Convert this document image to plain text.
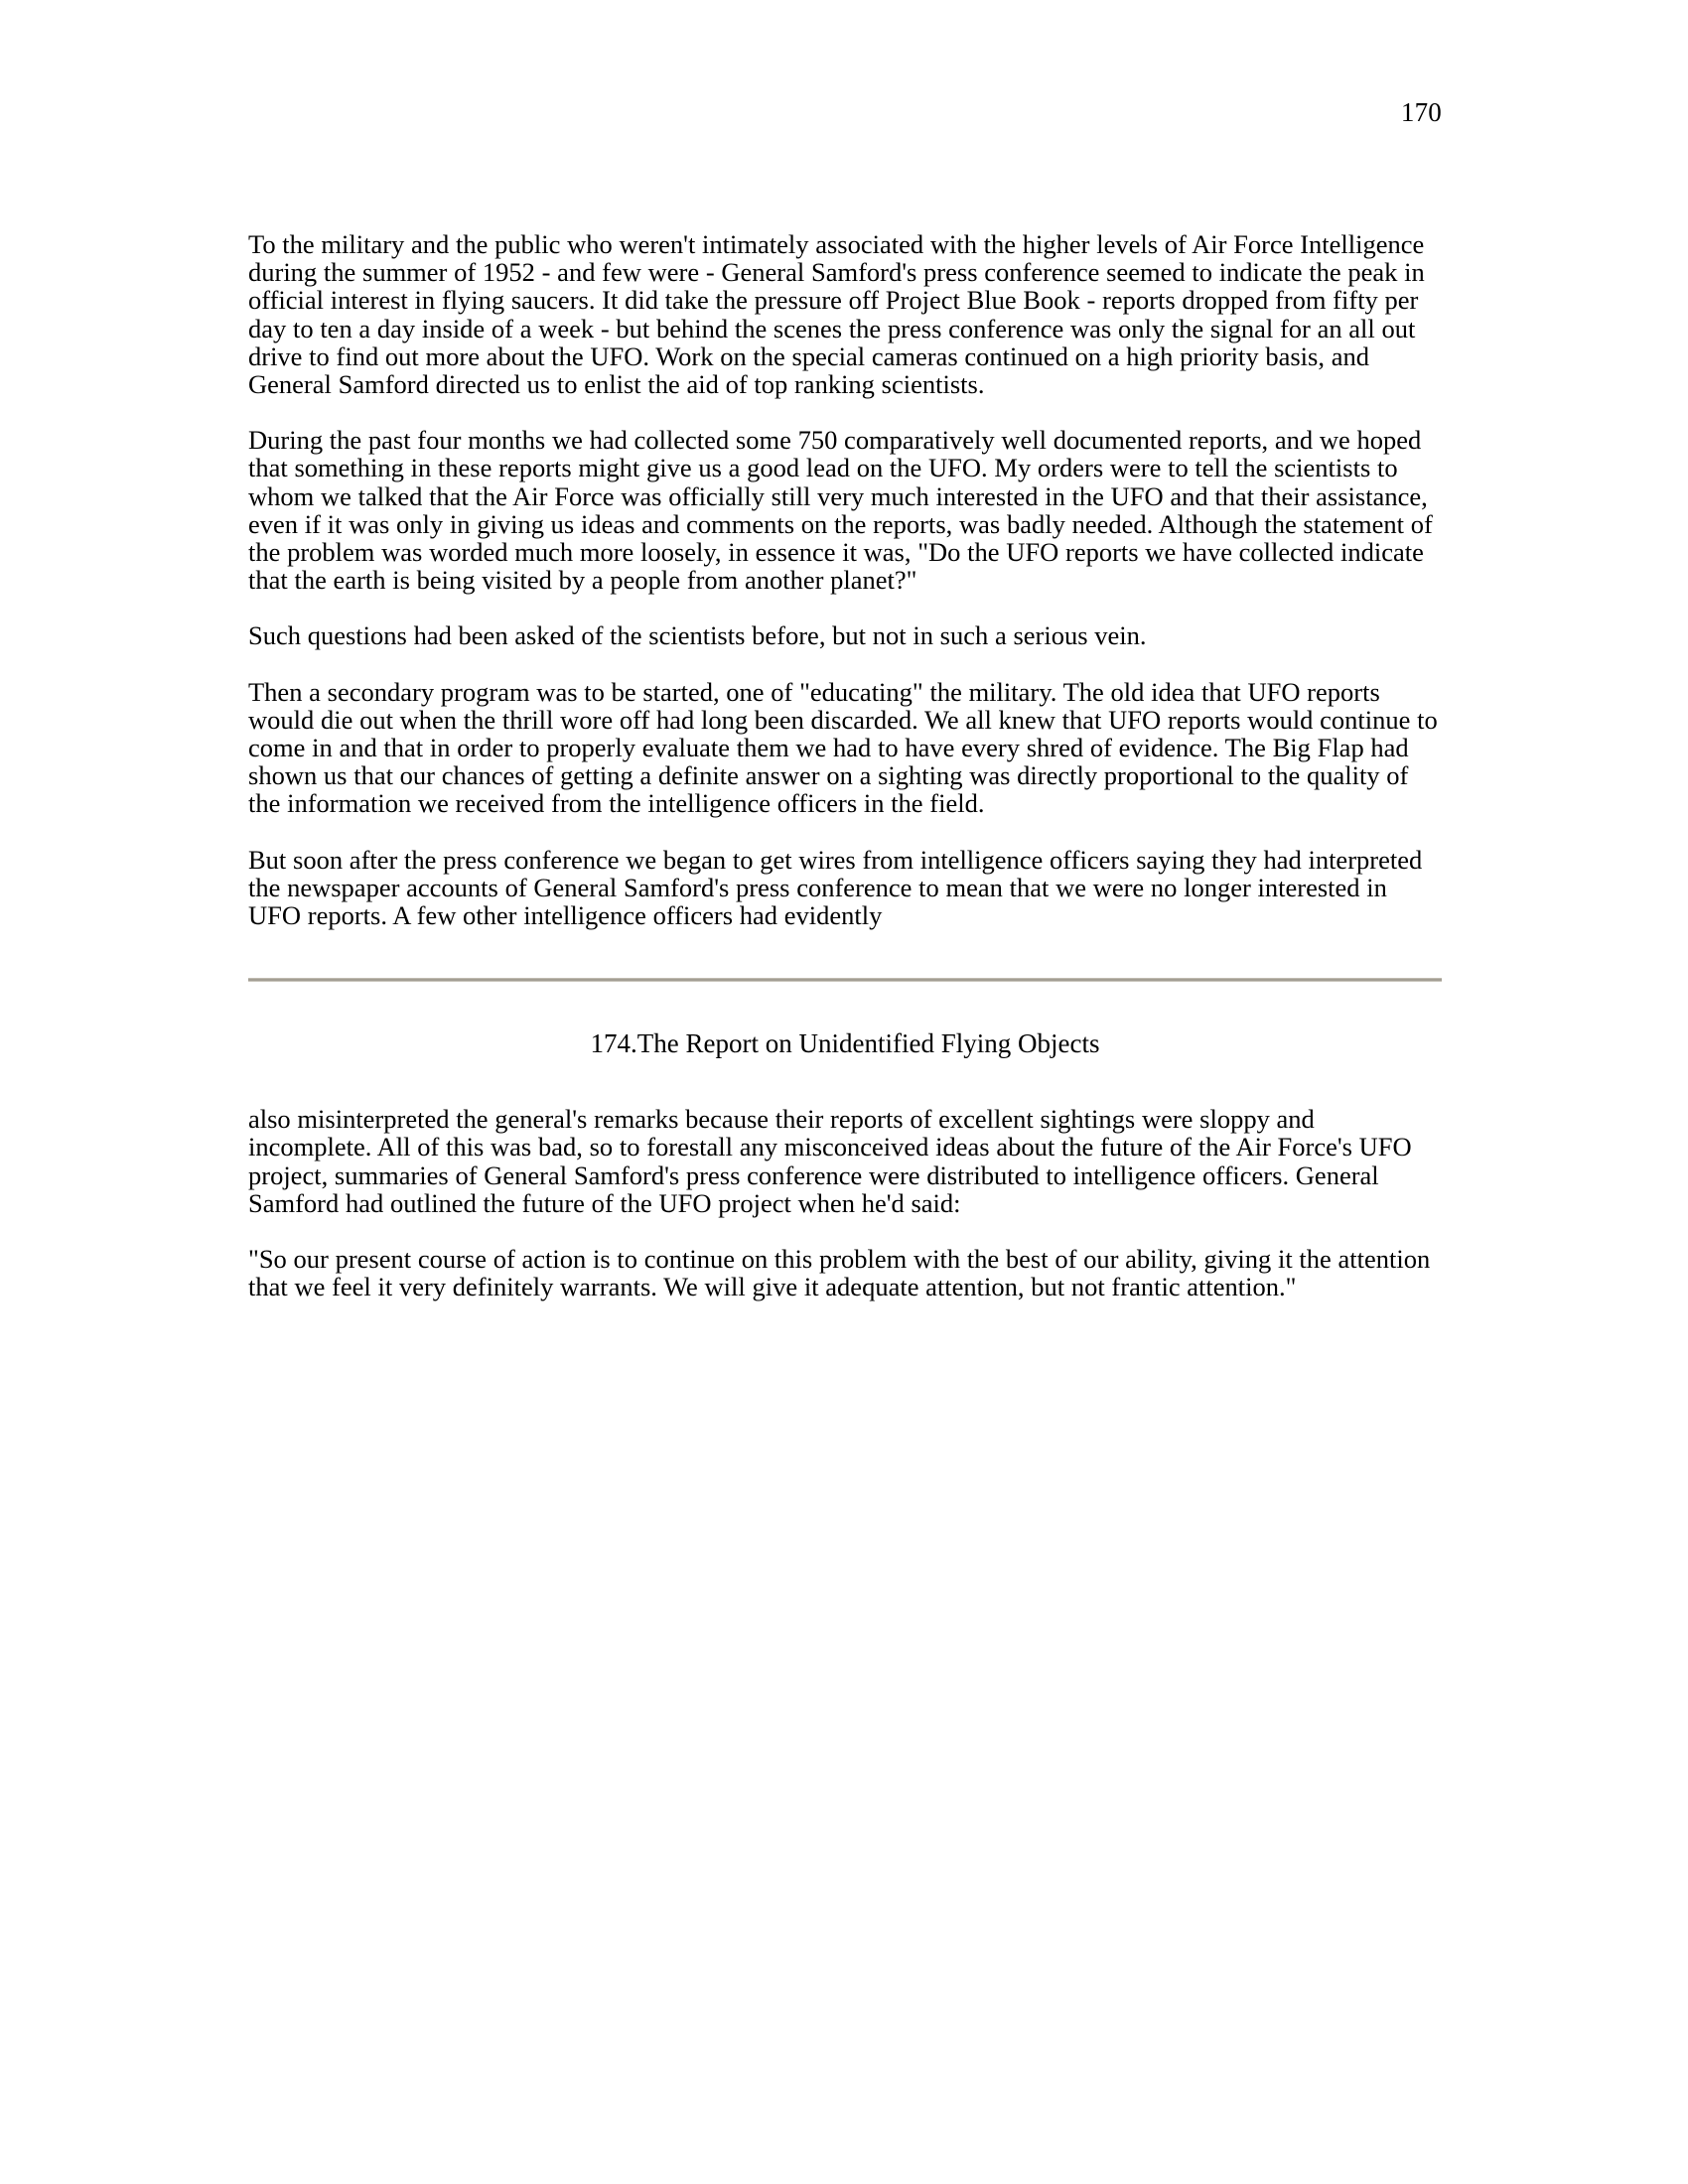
170

To the military and the public who weren't intimately associated with the higher levels of Air Force Intelligence during the summer of 1952 - and few were - General Samford's press conference seemed to indicate the peak in official interest in flying saucers. It did take the pressure off Project Blue Book - reports dropped from fifty per day to ten a day inside of a week - but behind the scenes the press conference was only the signal for an all out drive to find out more about the UFO. Work on the special cameras continued on a high priority basis, and General Samford directed us to enlist the aid of top ranking scientists.

During the past four months we had collected some 750 comparatively well documented reports, and we hoped that something in these reports might give us a good lead on the UFO. My orders were to tell the scientists to whom we talked that the Air Force was officially still very much interested in the UFO and that their assistance, even if it was only in giving us ideas and comments on the reports, was badly needed. Although the statement of the problem was worded much more loosely, in essence it was, "Do the UFO reports we have collected indicate that the earth is being visited by a people from another planet?"

Such questions had been asked of the scientists before, but not in such a serious vein.

Then a secondary program was to be started, one of "educating" the military. The old idea that UFO reports would die out when the thrill wore off had long been discarded. We all knew that UFO reports would continue to come in and that in order to properly evaluate them we had to have every shred of evidence. The Big Flap had shown us that our chances of getting a definite answer on a sighting was directly proportional to the quality of the information we received from the intelligence officers in the field.

But soon after the press conference we began to get wires from intelligence officers saying they had interpreted the newspaper accounts of General Samford's press conference to mean that we were no longer interested in UFO reports. A few other intelligence officers had evidently

174.The Report on Unidentified Flying Objects

also misinterpreted the general's remarks because their reports of excellent sightings were sloppy and incomplete. All of this was bad, so to forestall any misconceived ideas about the future of the Air Force's UFO project, summaries of General Samford's press conference were distributed to intelligence officers. General Samford had outlined the future of the UFO project when he'd said:

"So our present course of action is to continue on this problem with the best of our ability, giving it the attention that we feel it very definitely warrants. We will give it adequate attention, but not frantic attention."
